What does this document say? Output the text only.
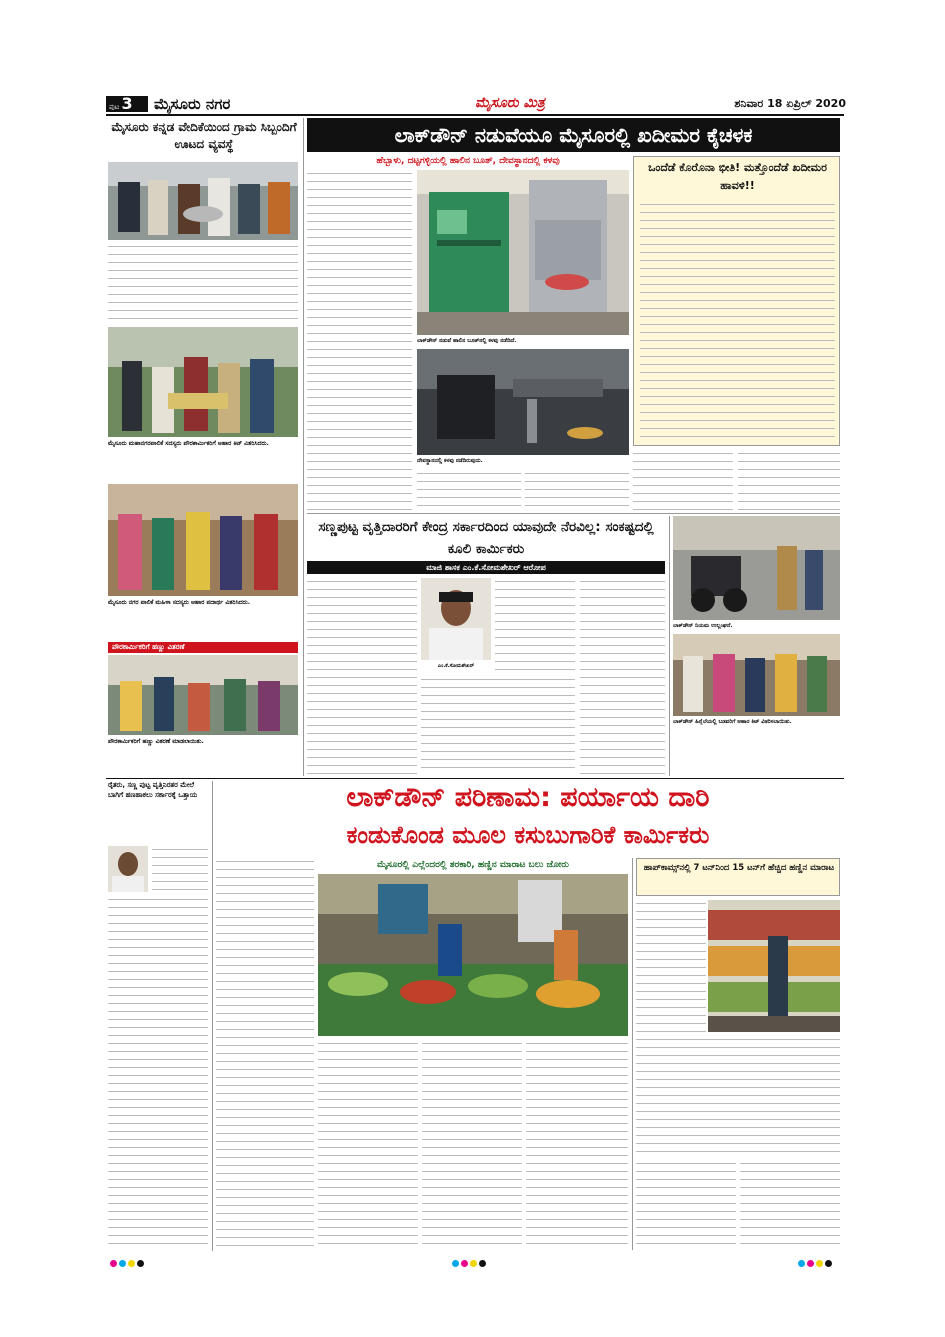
ಪುಟ 3	ಮೈಸೂರು ನಗರ	ಮೈಸೂರು ಮಿತ್ರ	ಶನಿವಾರ 18 ಏಪ್ರಿಲ್ 2020
ಮೈಸೂರು ಕನ್ನಡ ವೇದಿಕೆಯಿಂದ ಗ್ರಾಮ ಸಿಬ್ಬಂದಿಗೆ ಊಟದ ವ್ಯವಸ್ಥೆ
ಮೈಸೂರು ಮಹಾನಗರಪಾಲಿಕೆ ಸದಸ್ಯರು ಪೌರಕಾರ್ಮಿಕರಿಗೆ ಆಹಾರ ಕಿಟ್ ವಿತರಿಸಿದರು.
ಮೈಸೂರು ನಗರ ಪಾಲಿಕೆ ಮಹಿಳಾ ಸದಸ್ಯರು ಆಹಾರ ಪದಾರ್ಥ ವಿತರಿಸಿದರು.
ಪೌರಕಾರ್ಮಿಕರಿಗೆ ಹಣ್ಣು ವಿತರಣೆ
ಪೌರಕಾರ್ಮಿಕರಿಗೆ ಹಣ್ಣು ವಿತರಣೆ ಮಾಡಲಾಯಿತು.
ಲಾಕ್‌ಡೌನ್ ನಡುವೆಯೂ ಮೈಸೂರಲ್ಲಿ ಖದೀಮರ ಕೈಚಳಕ
ಹೆಬ್ಬಾಳು, ದಟ್ಟಗಳ್ಳಿಯಲ್ಲಿ ಹಾಲಿನ ಬೂತ್, ದೇವಸ್ಥಾನದಲ್ಲಿ ಕಳವು
ಲಾಕ್‌ಡೌನ್ ನಡುವೆ ಹಾಲಿನ ಬೂತ್‌ನಲ್ಲಿ ಕಳವು ನಡೆದಿದೆ.
ದೇವಸ್ಥಾನದಲ್ಲಿ ಕಳವು ನಡೆದಿರುವುದು.
ಒಂದೆಡೆ ಕೊರೊನಾ ಭೀತಿ! ಮತ್ತೊಂದೆಡೆ ಖದೀಮರ ಹಾವಳಿ!!
ಸಣ್ಣಪುಟ್ಟ ವೃತ್ತಿದಾರರಿಗೆ ಕೇಂದ್ರ ಸರ್ಕಾರದಿಂದ ಯಾವುದೇ ನೆರವಿಲ್ಲ: ಸಂಕಷ್ಟದಲ್ಲಿ ಕೂಲಿ ಕಾರ್ಮಿಕರು
ಮಾಜಿ ಶಾಸಕ ಎಂ.ಕೆ.ಸೋಮಶೇಖರ್ ಆರೋಪ
ಎಂ.ಕೆ.ಸೋಮಶೇಖರ್
ಲಾಕ್‌ಡೌನ್ ನಿಯಮ ಉಲ್ಲಂಘನೆ.
ಲಾಕ್‌ಡೌನ್ ಹಿನ್ನೆಲೆಯಲ್ಲಿ ಬಡವರಿಗೆ ಆಹಾರ ಕಿಟ್ ವಿತರಿಸಲಾಯಿತು.
ರೈತರು, ಸಣ್ಣ ಪುಟ್ಟ ವೃತ್ತಿನಿರತರ ಮೇಲೆ ಬಾಗಿಗೆ ಹಣಹಾಕಲು ಸರ್ಕಾರಕ್ಕೆ ಒತ್ತಾಯ	ಲಾಕ್‌ಡೌನ್ ಪರಿಣಾಮ: ಪರ್ಯಾಯ ದಾರಿ
ಕಂಡುಕೊಂಡ ಮೂಲ ಕಸುಬುಗಾರಿಕೆ ಕಾರ್ಮಿಕರು
ಮೈಸೂರಲ್ಲಿ ಎಲ್ಲೆಂದರಲ್ಲಿ ತರಕಾರಿ, ಹಣ್ಣಿನ ಮಾರಾಟ ಬಲು ಜೋರು	ಹಾಪ್‌ಕಾಮ್ಸ್‌ನಲ್ಲಿ 7 ಟನ್‌ನಿಂದ 15 ಟನ್‌ಗೆ ಹೆಚ್ಚಿದ ಹಣ್ಣಿನ ಮಾರಾಟ
